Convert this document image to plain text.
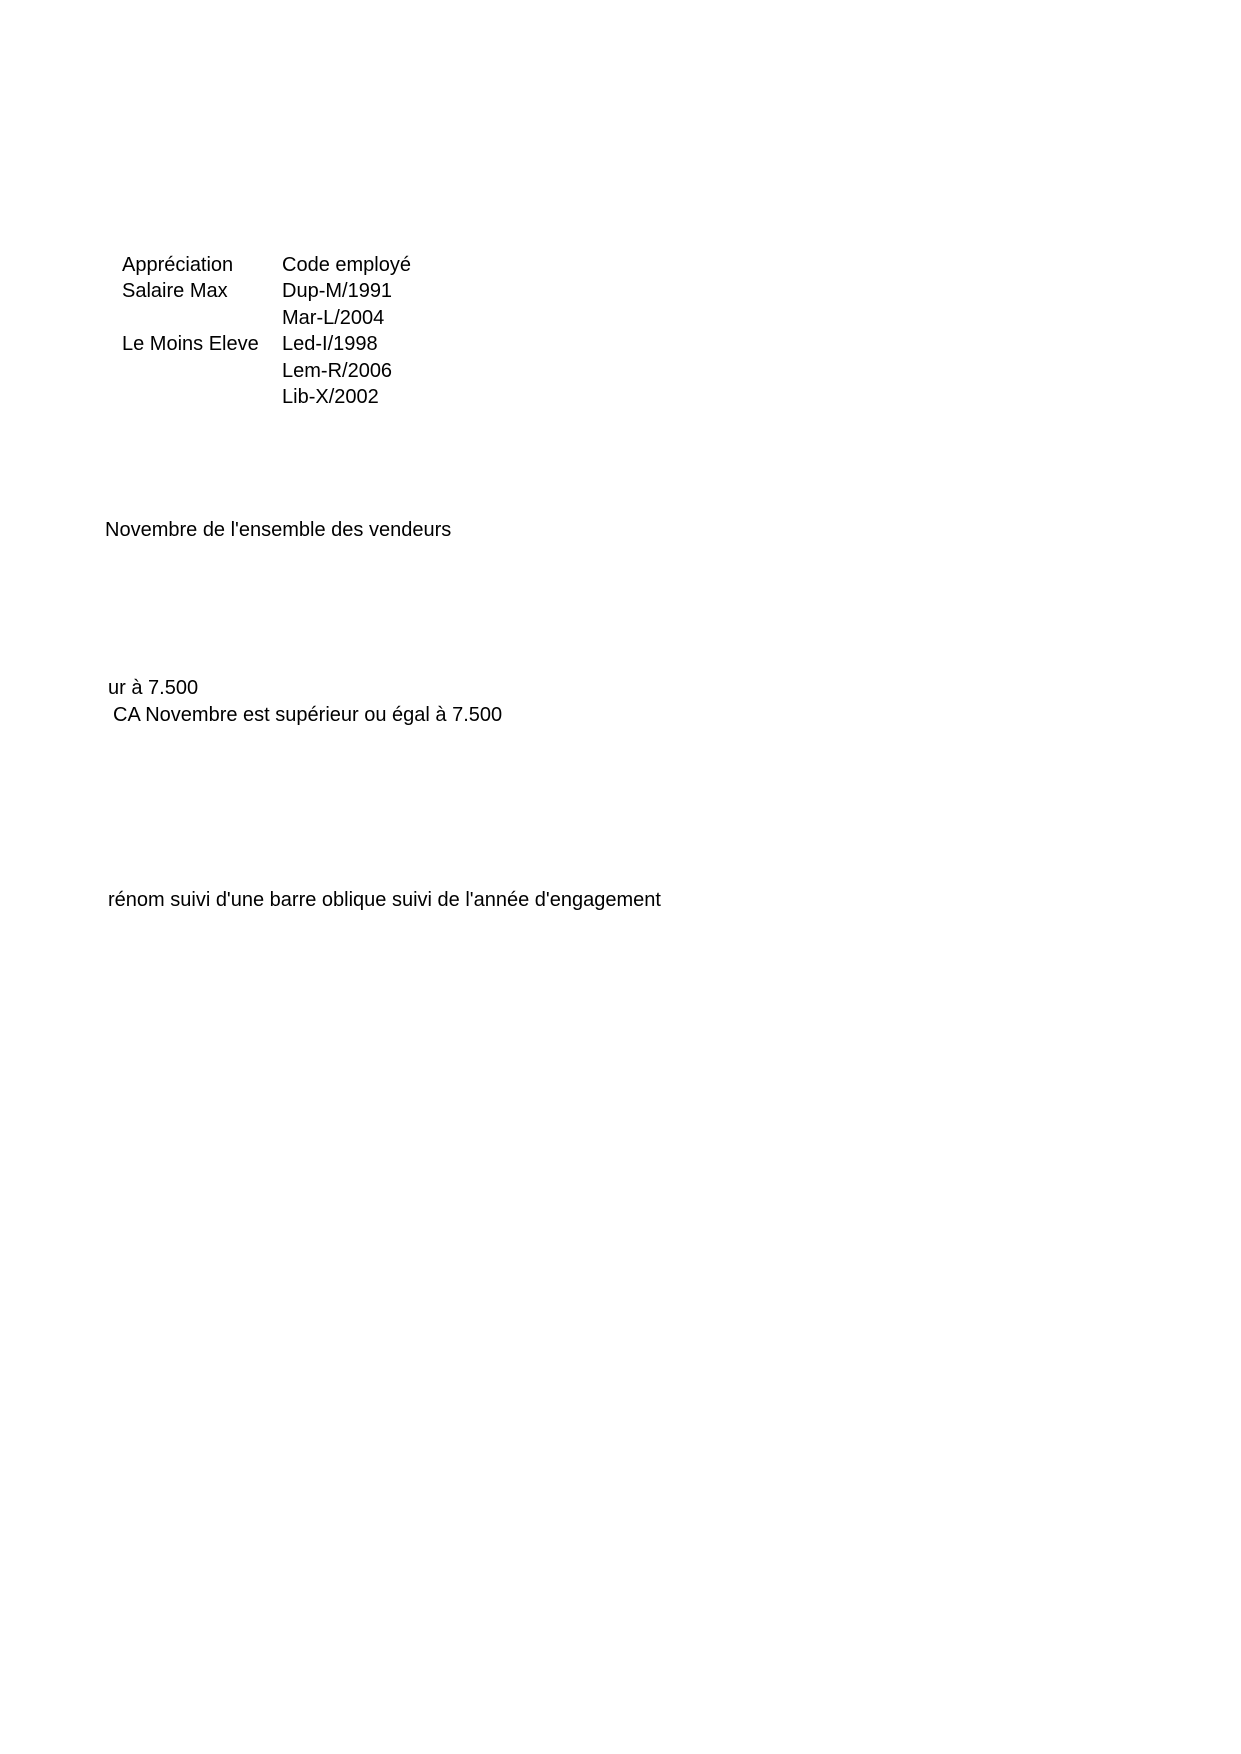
Appréciation
Salaire Max
Le Moins Eleve
Code employé
Dup-M/1991
Mar-L/2004
Led-I/1998
Lem-R/2006
Lib-X/2002
Novembre de l'ensemble des vendeurs
ur à 7.500
CA Novembre est supérieur ou égal à 7.500
rénom suivi d'une barre oblique suivi de l'année d'engagement
